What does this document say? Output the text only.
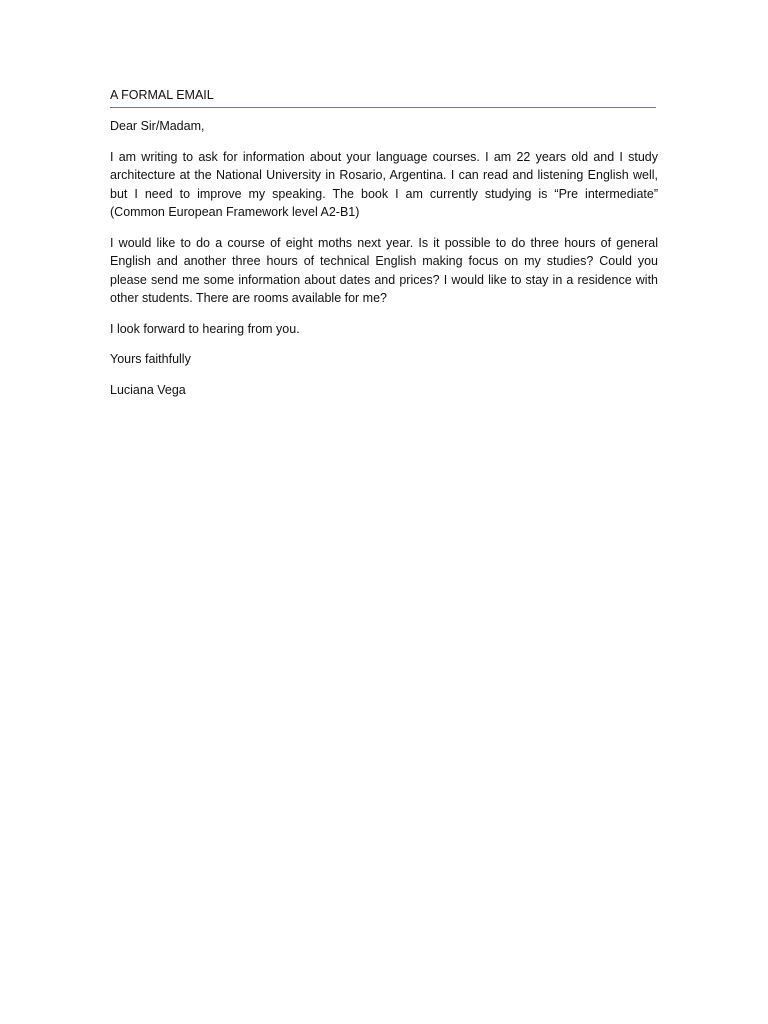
A FORMAL EMAIL

Dear Sir/Madam,

I am writing to ask for information about your language courses. I am 22 years old and I study architecture at the National University in Rosario, Argentina. I can read and listening English well, but I need to improve my speaking. The book I am currently studying is “Pre intermediate” (Common European Framework level A2-B1)

I would like to do a course of eight moths next year. Is it possible to do three hours of general English and another three hours of technical English making focus on my studies? Could you please send me some information about dates and prices? I would like to stay in a residence with other students. There are rooms available for me?

I look forward to hearing from you.

Yours faithfully

Luciana Vega
